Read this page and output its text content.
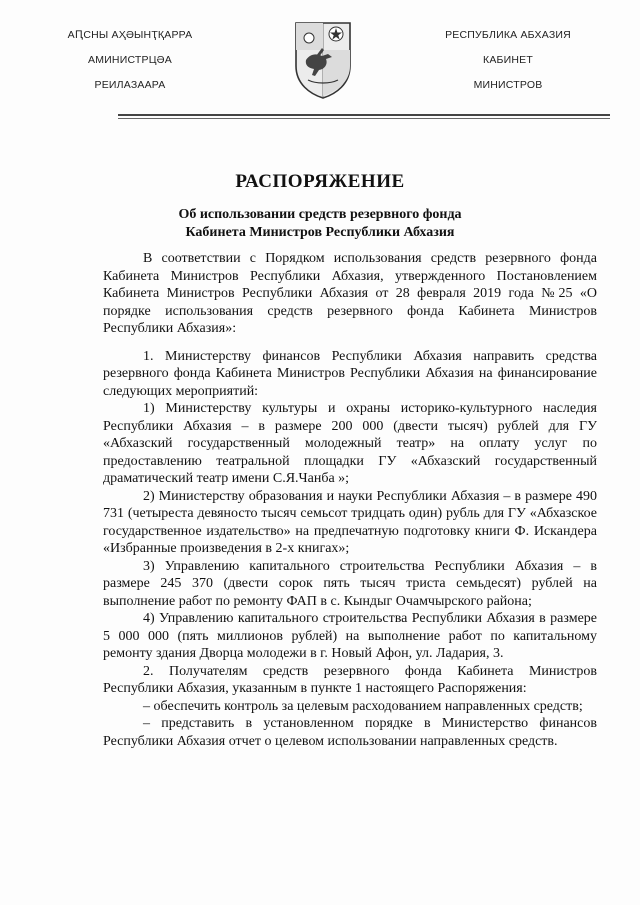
АԤСНЫ АҲӘЫНҬҚАРРА
АМИНИСТРЦӘА
РЕИЛАЗААРА
РЕСПУБЛИКА АБХАЗИЯ
КАБИНЕТ
МИНИСТРОВ
РАСПОРЯЖЕНИЕ
Об использовании средств резервного фонда
Кабинета Министров Республики Абхазия

В соответствии с Порядком использования средств резервного фонда Кабинета Министров Республики Абхазия, утвержденного Постановлением Кабинета Министров Республики Абхазия от 28 февраля 2019 года №25 «О порядке использования средств резервного фонда Кабинета Министров Республики Абхазия»:

1. Министерству финансов Республики Абхазия направить средства резервного фонда Кабинета Министров Республики Абхазия на финансирование следующих мероприятий:

1) Министерству культуры и охраны историко-культурного наследия Республики Абхазия – в размере 200 000 (двести тысяч) рублей для ГУ «Абхазский государственный молодежный театр» на оплату услуг по предоставлению театральной площадки ГУ «Абхазский государственный драматический театр имени С.Я.Чанба »;

2) Министерству образования и науки Республики Абхазия – в размере 490 731 (четыреста девяносто тысяч семьсот тридцать один) рубль для ГУ «Абхазское государственное издательство» на предпечатную подготовку книги Ф. Искандера «Избранные произведения в 2-х книгах»;

3) Управлению капитального строительства Республики Абхазия – в размере 245 370 (двести сорок пять тысяч триста семьдесят) рублей на выполнение работ по ремонту ФАП в с. Кындыг Очамчырского района;

4) Управлению капитального строительства Республики Абхазия в размере 5 000 000 (пять миллионов рублей) на выполнение работ по капитальному ремонту здания Дворца молодежи в г. Новый Афон, ул. Ладария, 3.

2. Получателям средств резервного фонда Кабинета Министров Республики Абхазия, указанным в пункте 1 настоящего Распоряжения:

– обеспечить контроль за целевым расходованием направленных средств;

– представить в установленном порядке в Министерство финансов Республики Абхазия отчет о целевом использовании направленных средств.
